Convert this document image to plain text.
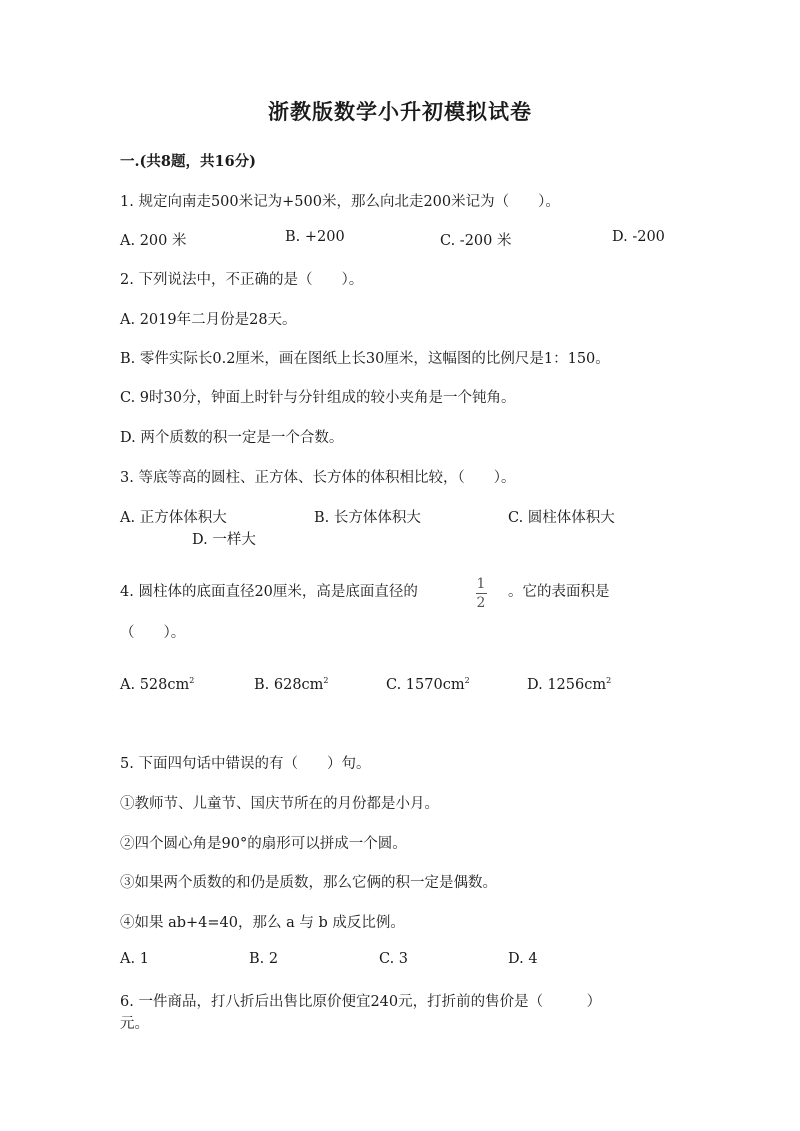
浙教版数学小升初模拟试卷
一.(共8题，共16分)
1. 规定向南走500米记为+500米，那么向北走200米记为（　　）。
A. 200 米	B. +200	C. -200 米	D. -200
2. 下列说法中，不正确的是（　　）。
A. 2019年二月份是28天。
B. 零件实际长0.2厘米，画在图纸上长30厘米，这幅图的比例尺是1：150。
C. 9时30分，钟面上时针与分针组成的较小夹角是一个钝角。
D. 两个质数的积一定是一个合数。
3. 等底等高的圆柱、正方体、长方体的体积相比较，（　　）。
A. 正方体体积大	B. 长方体体积大	C. 圆柱体体积大
D. 一样大
4. 圆柱体的底面直径20厘米，高是底面直径的	1
2
。它的表面积是
（　　）。
A. $528cm^2$	B. $628cm^2$	C. $1570cm^2$	D. $1256cm^2$
5. 下面四句话中错误的有（　　）句。
①教师节、儿童节、国庆节所在的月份都是小月。
②四个圆心角是90°的扇形可以拼成一个圆。
③如果两个质数的和仍是质数，那么它俩的积一定是偶数。
④如果 ab+4=40，那么 a 与 b 成反比例。
A. 1	B. 2	C. 3	D. 4
6. 一件商品，打八折后出售比原价便宜240元，打折前的售价是（　　　）
元。
